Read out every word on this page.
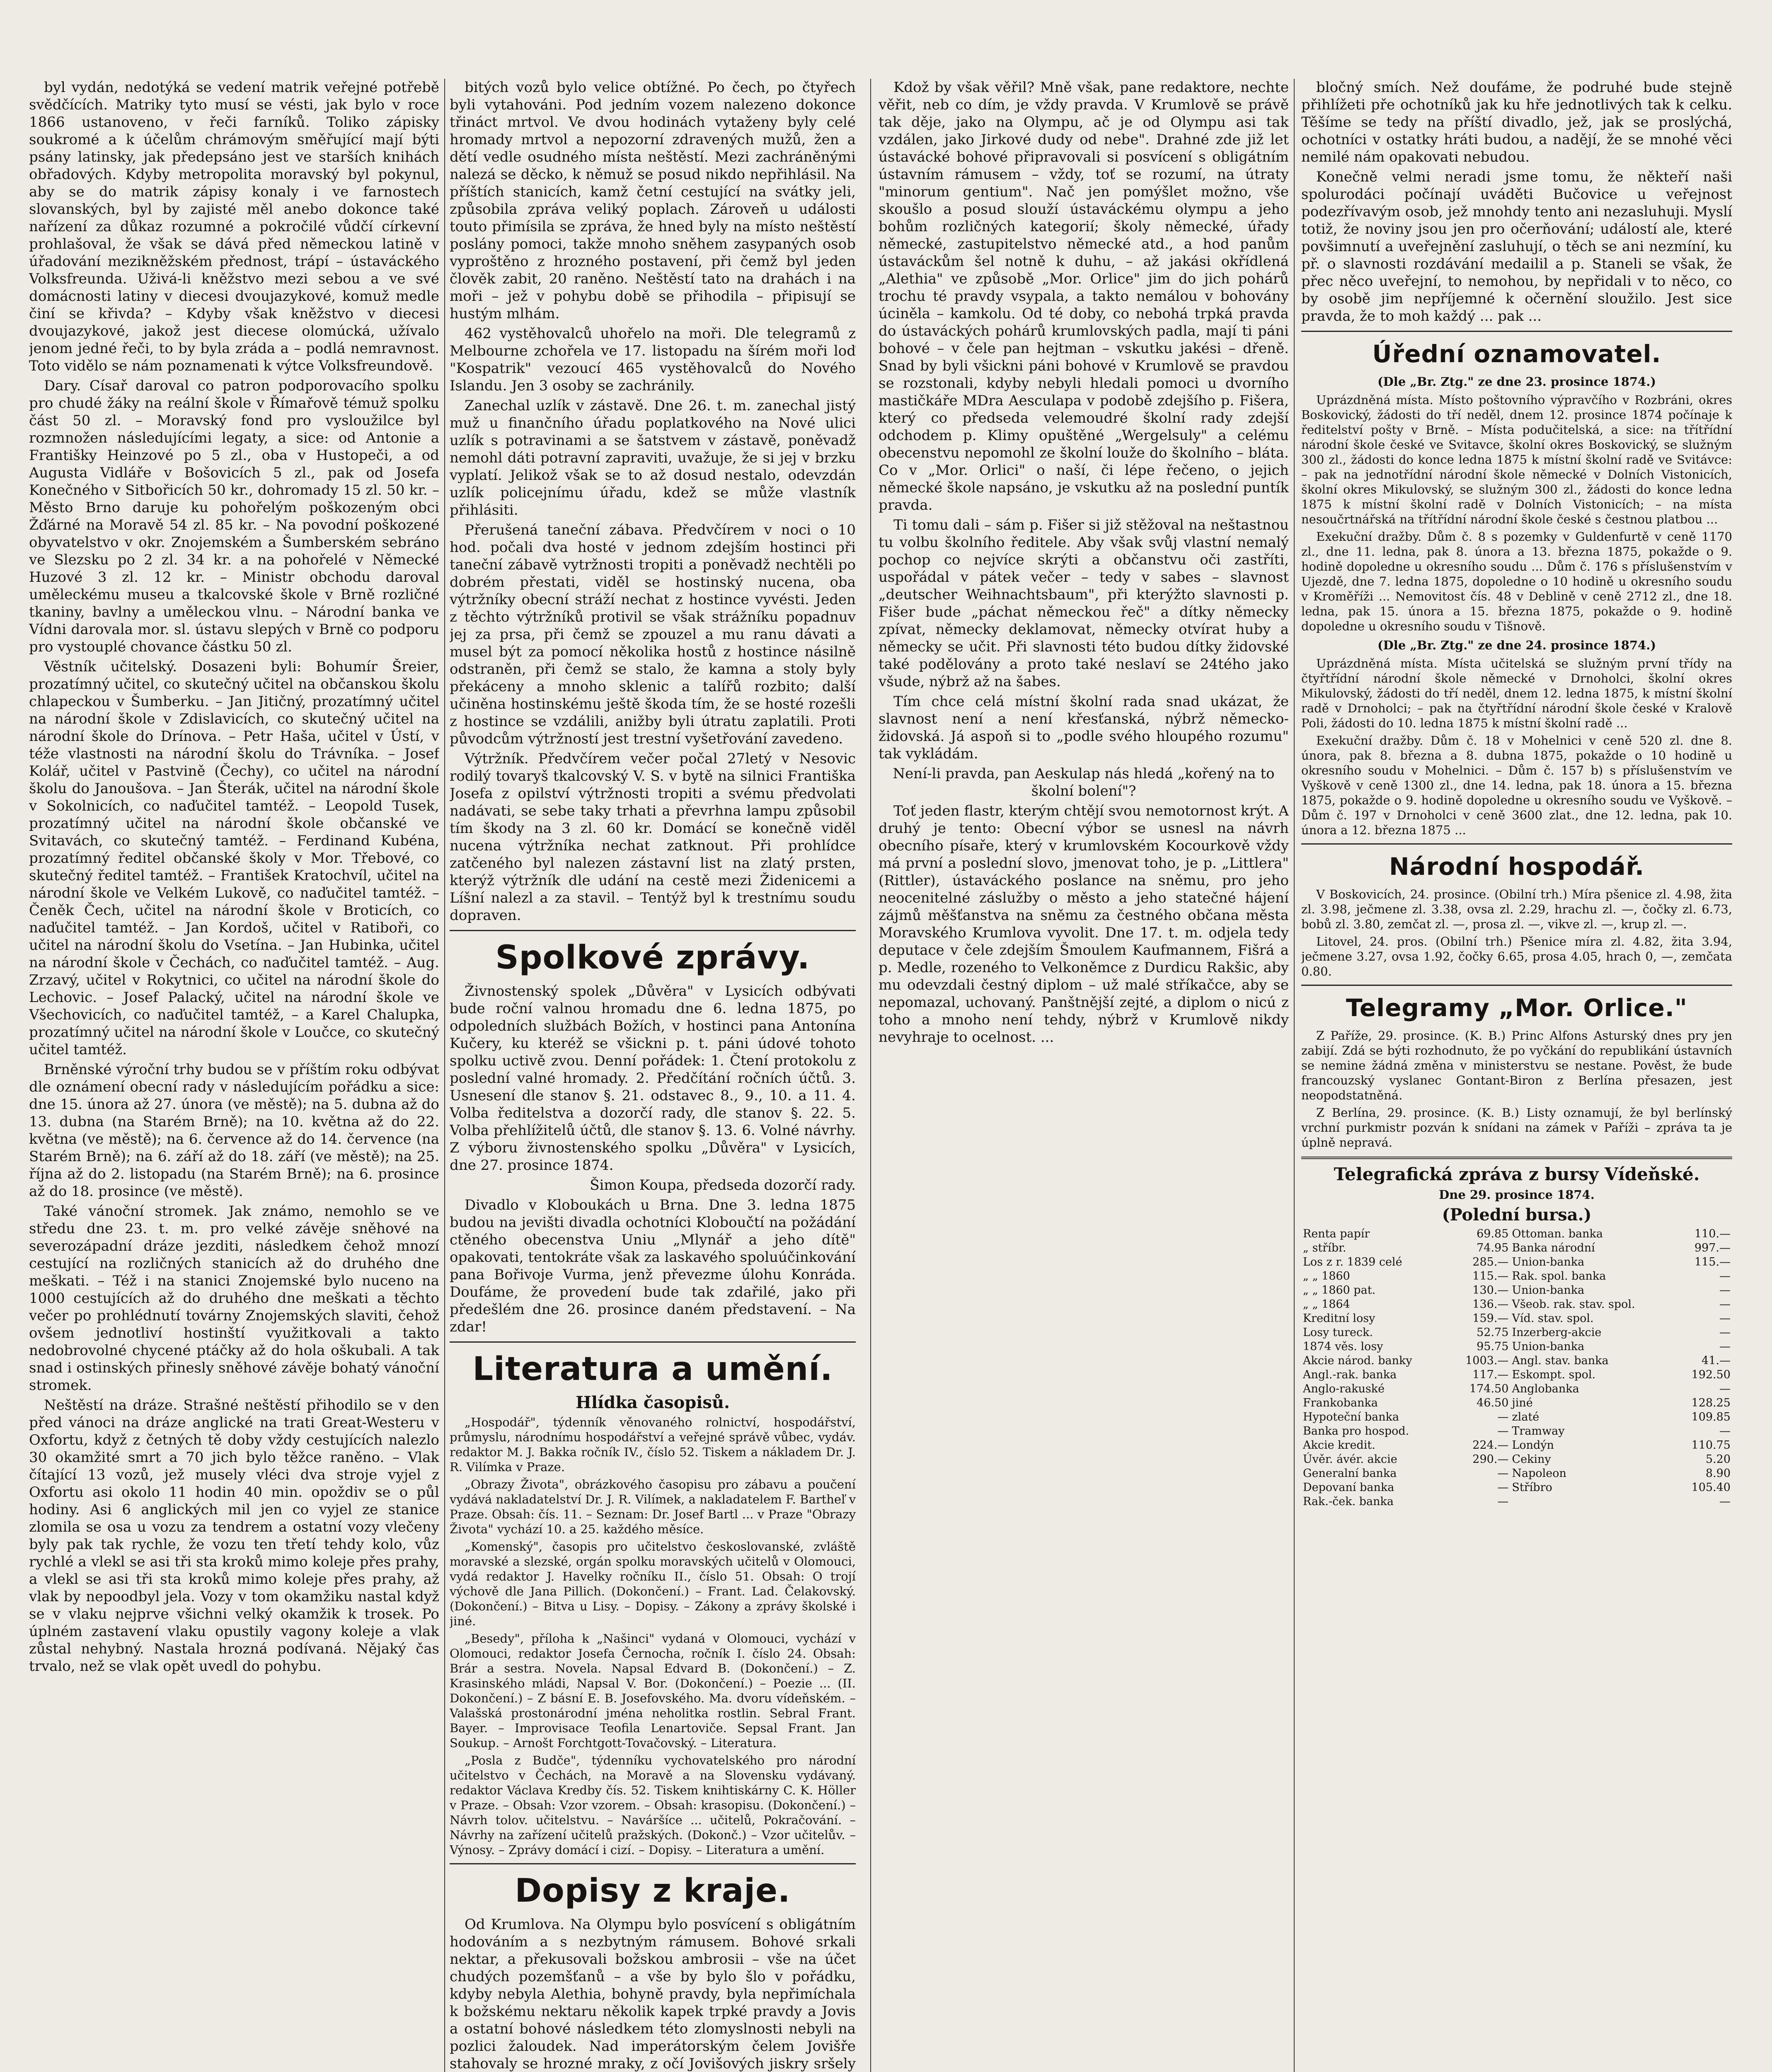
byl vydán, nedotýká se vedení matrik veřejné potřebě svědčících. Matriky tyto musí se vésti, jak bylo v roce 1866 ustanoveno, v řeči farníků. Toliko zápisky soukromé a k účelům chrámovým směřující mají býti psány latinsky, jak předepsáno jest ve starších knihách obřadových. Kdyby metropolita moravský byl pokynul, aby se do matrik zápisy konaly i ve farnostech slovanských, byl by zajisté měl anebo dokonce také nařízení za důkaz rozumné a pokročilé vůdčí církevní prohlašoval, že však se dává před německou latině v úřadování mezikněžském přednost, trápí – ústaváckého Volksfreunda. Uživá-li kněžstvo mezi sebou a ve své domácnosti latiny v diecesi dvoujazykové, komuž medle činí se křivda? – Kdyby však kněžstvo v diecesi dvoujazykové, jakož jest diecese olomúcká, užívalo jenom jedné řeči, to by byla zráda a – podlá nemravnost. Toto vidělo se nám poznamenati k výtce Volksfreundově.

Dary. Císař daroval co patron podporovacího spolku pro chudé žáky na reální škole v Římařově témuž spolku část 50 zl. – Moravský fond pro vysloužilce byl rozmnožen následujícími legaty, a sice: od Antonie a Františky Heinzové po 5 zl., oba v Hustopeči, a od Augusta Vidláře v Bošovicích 5 zl., pak od Josefa Konečného v Sitbořicích 50 kr., dohromady 15 zl. 50 kr. – Město Brno daruje ku pohořelým poškozeným obci Žďárné na Moravě 54 zl. 85 kr. – Na povodní poškozené obyvatelstvo v okr. Znojemském a Šumberském sebráno ve Slezsku po 2 zl. 34 kr. a na pohořelé v Německé Huzové 3 zl. 12 kr. – Ministr obchodu daroval uměleckému museu a tkalcovské škole v Brně rozličné tkaniny, bavlny a uměleckou vlnu. – Národní banka ve Vídni darovala mor. sl. ústavu slepých v Brně co podporu pro vystouplé chovance částku 50 zl.

Věstník učitelský. Dosazeni byli: Bohumír Šreier, prozatímný učitel, co skutečný učitel na občanskou školu chlapeckou v Šumberku. – Jan Jitičný, prozatímný učitel na národní škole v Zdislavicích, co skutečný učitel na národní škole do Drínova. – Petr Haša, učitel v Ústí, v téže vlastnosti na národní školu do Trávníka. – Josef Kolář, učitel v Pastvině (Čechy), co učitel na národní školu do Janoušova. – Jan Šterák, učitel na národní škole v Sokolnicích, co naďučitel tamtéž. – Leopold Tusek, prozatímný učitel na národní škole občanské ve Svitavách, co skutečný tamtéž. – Ferdinand Kubéna, prozatímný ředitel občanské školy v Mor. Třebové, co skutečný ředitel tamtéž. – František Kratochvíl, učitel na národní škole ve Velkém Lukově, co naďučitel tamtéž. – Čeněk Čech, učitel na národní škole v Broticích, co naďučitel tamtéž. – Jan Kordoš, učitel v Ratiboři, co učitel na národní školu do Vsetína. – Jan Hubinka, učitel na národní škole v Čechách, co naďučitel tamtéž. – Aug. Zrzavý, učitel v Rokytnici, co učitel na národní škole do Lechovic. – Josef Palacký, učitel na národní škole ve Všechovicích, co naďučitel tamtéž, – a Karel Chalupka, prozatímný učitel na národní škole v Loučce, co skutečný učitel tamtéž.

Brněnské výroční trhy budou se v příštím roku odbývat dle oznámení obecní rady v následujícím pořádku a sice: dne 15. února až 27. února (ve městě); na 5. dubna až do 13. dubna (na Starém Brně); na 10. května až do 22. května (ve městě); na 6. července až do 14. července (na Starém Brně); na 6. září až do 18. září (ve městě); na 25. října až do 2. listopadu (na Starém Brně); na 6. prosince až do 18. prosince (ve městě).

Také vánoční stromek. Jak známo, nemohlo se ve středu dne 23. t. m. pro velké závěje sněhové na severozápadní dráze jezditi, následkem čehož mnozí cestující na rozličných stanicích až do druhého dne meškati. – Též i na stanici Znojemské bylo nuceno na 1000 cestujících až do druhého dne meškati a těchto večer po prohlédnutí továrny Znojemských slaviti, čehož ovšem jednotliví hostinští využitkovali a takto nedobrovolné chycené ptáčky až do hola oškubali. A tak snad i ostinských přinesly sněhové závěje bohatý vánoční stromek.

Neštěstí na dráze. Strašné neštěstí přihodilo se v den před vánoci na dráze anglické na trati Great-Westeru v Oxfortu, když z četných tě doby vždy cestujících nalezlo 30 okamžité smrt a 70 jich bylo těžce raněno. – Vlak čítající 13 vozů, jež musely vléci dva stroje vyjel z Oxfortu asi okolo 11 hodin 40 min. opoždiv se o půl hodiny. Asi 6 anglických mil jen co vyjel ze stanice zlomila se osa u vozu za tendrem a ostatní vozy vlečeny byly pak tak rychle, že vozu ten třetí tehdy kolo, vůz rychlé a vlekl se asi tři sta kroků mimo koleje přes prahy, a vlekl se asi tři sta kroků mimo koleje přes prahy, až vlak by nepoodbyl jela. Vozy v tom okamžiku nastal když se v vlaku nejprve všichni velký okamžik k trosek. Po úplném zastavení vlaku opustily vagony koleje a vlak zůstal nehybný. Nastala hrozná podívaná. Nějaký čas trvalo, než se vlak opět uvedl do pohybu.

bitých vozů bylo velice obtížné. Po čech, po čtyřech byli vytahováni. Pod jedním vozem nalezeno dokonce třináct mrtvol. Ve dvou hodinách vytaženy byly celé hromady mrtvol a nepozorní zdravených mužů, žen a dětí vedle osudného místa neštěstí. Mezi zachráněnými nalezá se děcko, k němuž se posud nikdo nepřihlásil. Na příštích stanicích, kamž četní cestující na svátky jeli, způsobila zpráva veliký poplach. Zároveň u události touto přimísila se zpráva, že hned byly na místo neštěstí poslány pomoci, takže mnoho sněhem zasypaných osob vyproštěno z hrozného postavení, při čemž byl jeden člověk zabit, 20 raněno. Neštěstí tato na drahách i na moři – jež v pohybu době se přihodila – připisují se hustým mlhám.

462 vystěhovalců uhořelo na moři. Dle telegramů z Melbourne zchořela ve 17. listopadu na šírém moři loď "Kospatrik" vezoucí 465 vystěhovalců do Nového Islandu. Jen 3 osoby se zachránily.

Zanechal uzlík v zástavě. Dne 26. t. m. zanechal jistý muž u finančního úřadu poplatkového na Nové ulici uzlík s potravinami a se šatstvem v zástavě, poněvadž nemohl dáti potravní zapraviti, uvažuje, že si jej v brzku vyplatí. Jelikož však se to až dosud nestalo, odevzdán uzlík policejnímu úřadu, kdež se může vlastník přihlásiti.

Přerušená taneční zábava. Předvčírem v noci o 10 hod. počali dva hosté v jednom zdejším hostinci při taneční zábavě vytržnosti tropiti a poněvadž nechtěli po dobrém přestati, viděl se hostinský nucena, oba výtržníky obecní stráží nechat z hostince vyvésti. Jeden z těchto výtržníků protivil se však strážníku popadnuv jej za prsa, při čemž se zpouzel a mu ranu dávati a musel být za pomocí několika hostů z hostince násilně odstraněn, při čemž se stalo, že kamna a stoly byly překáceny a mnoho sklenic a talířů rozbito; další učiněna hostinskému ještě škoda tím, že se hosté rozešli z hostince se vzdálili, anižby byli útratu zaplatili. Proti původcům výtržností jest trestní vyšetřování zavedeno.

Výtržník. Předvčírem večer počal 27letý v Nesovic rodilý tovaryš tkalcovský V. S. v bytě na silnici Františka Josefa z opilství výtržnosti tropiti a svému předvolati nadávati, se sebe taky trhati a převrhna lampu způsobil tím škody na 3 zl. 60 kr. Domácí se konečně viděl nucena výtržníka nechat zatknout. Při prohlídce zatčeného byl nalezen zástavní list na zlatý prsten, kterýž výtržník dle udání na cestě mezi Židenicemi a Líšní nalezl a za stavil. – Tentýž byl k trestnímu soudu dopraven.

Spolkové zprávy.

Živnostenský spolek „Důvěra" v Lysicích odbývati bude roční valnou hromadu dne 6. ledna 1875, po odpoledních službách Božích, v hostinci pana Antonína Kučery, ku kteréž se všickni p. t. páni údové tohoto spolku uctivě zvou. Denní pořádek: 1. Čtení protokolu z poslední valné hromady. 2. Předčítání ročních účtů. 3. Usnesení dle stanov §. 21. odstavec 8., 9., 10. a 11. 4. Volba ředitelstva a dozorčí rady, dle stanov §. 22. 5. Volba přehlížitelů účtů, dle stanov §. 13. 6. Volné návrhy. Z výboru živnostenského spolku „Důvěra" v Lysicích, dne 27. prosince 1874.

Šimon Koupa, předseda dozorčí rady.

Divadlo v Kloboukách u Brna. Dne 3. ledna 1875 budou na jevišti divadla ochotníci Kloboučtí na požádání ctěného obecenstva Uniu „Mlynář a jeho dítě" opakovati, tentokráte však za laskavého spoluúčinkování pana Bořivoje Vurma, jenž převezme úlohu Konráda. Doufáme, že provedení bude tak zdařilé, jako při předešlém dne 26. prosince daném představení. – Na zdar!

Literatura a umění.
Hlídka časopisů.

„Hospodář", týdenník věnovaného rolnictví, hospodářství, průmyslu, národnímu hospodářství a veřejné správě vůbec, vydáv. redaktor M. J. Bakka ročník IV., číslo 52. Tiskem a nákladem Dr. J. R. Vilímka v Praze.

„Obrazy Života", obrázkového časopisu pro zábavu a poučení vydává nakladatelství Dr. J. R. Vilímek, a nakladatelem F. Bartheľ v Praze. Obsah: čís. 11. – Seznam: Dr. Josef Bartl ... v Praze "Obrazy Života" vychází 10. a 25. každého měsíce.

„Komenský", časopis pro učitelstvo českoslovanské, zvláště moravské a slezské, orgán spolku moravských učitelů v Olomouci, vydá redaktor J. Havelky ročníku II., číslo 51. Obsah: O trojí výchově dle Jana Pillich. (Dokončení.) – Frant. Lad. Čelakovský. (Dokončení.) – Bitva u Lisy. – Dopisy. – Zákony a zprávy školské i jiné.

„Besedy", příloha k „Našinci" vydaná v Olomouci, vychází v Olomouci, redaktor Josefa Černocha, ročník I. číslo 24. Obsah: Brár a sestra. Novela. Napsal Edvard B. (Dokončení.) – Z. Krasinského mládi, Napsal V. Bor. (Dokončení.) – Poezie ... (II. Dokončení.) – Z básní E. B. Josefovského. Ma. dvoru vídeňském. – Valašská prostonárodní jména neholitka rostlin. Sebral Frant. Bayer. – Improvisace Teofila Lenartoviče. Sepsal Frant. Jan Soukup. – Arnošt Forchtgott-Tovačovský. – Literatura.

„Posla z Budče", týdenníku vychovatelského pro národní učitelstvo v Čechách, na Moravě a na Slovensku vydávaný. redaktor Václava Kredby čís. 52. Tiskem knihtiskárny C. K. Höller v Praze. – Obsah: Vzor vzorem. – Obsah: krasopisu. (Dokončení.) – Návrh tolov. učitelstvu. – Naváršíce ... učitelů, Pokračování. – Návrhy na zařízení učitelů pražských. (Dokonč.) – Vzor učitelův. – Výnosy. – Zprávy domácí i cizí. – Dopisy. – Literatura a umění.

Dopisy z kraje.

Od Krumlova. Na Olympu bylo posvícení s obligátním hodováním a s nezbytným rámusem. Bohové srkali nektar, a překusovali božskou ambrosii – vše na účet chudých pozemšťanů – a vše by bylo šlo v pořádku, kdyby nebyla Alethia, bohyně pravdy, byla nepřimíchala k božskému nektaru několik kapek trpké pravdy a Jovis a ostatní bohové následkem této zlomyslnosti nebyli na pozlici žaloudek. Nad imperátorským čelem Jovišře stahovaly se hrozné mraky, z očí Jovišových jiskry sršely

Kdož by však věřil? Mně však, pane redaktore, nechte věřit, neb co dím, je vždy pravda. V Krumlově se právě tak děje, jako na Olympu, ač je od Olympu asi tak vzdálen, jako Jirkové dudy od nebe". Drahné zde již let ústavácké bohové připravovali si posvícení s obligátním ústavním rámusem – vždy, toť se rozumí, na útraty "minorum gentium". Nač jen pomýšlet možno, vše skoušlo a posud slouží ústaváckému olympu a jeho bohům rozličných kategorií; školy německé, úřady německé, zastupitelstvo německé atd., a hod panům ústaváckům šel notně k duhu, – až jakási okřídlená „Alethia" ve způsobě „Mor. Orlice" jim do jich pohárů trochu té pravdy vsypala, a takto nemálou v bohovány úciněla – kamkolu. Od té doby, co nebohá trpká pravda do ústaváckých pohárů krumlovských padla, mají ti páni bohové – v čele pan hejtman – vskutku jakési – dřeně. Snad by byli všickni páni bohové v Krumlově se pravdou se rozstonali, kdyby nebyli hledali pomoci u dvorního mastičkáře MDra Aesculapa v podobě zdejšího p. Fišera, který co předseda velemoudré školní rady zdejší odchodem p. Klimy opuštěné „Wergelsuly" a celému obecenstvu nepomohl ze školní louže do školního – bláta. Co v „Mor. Orlici" o naší, či lépe řečeno, o jejich německé škole napsáno, je vskutku až na poslední puntík pravda.

Ti tomu dali – sám p. Fišer si již stěžoval na neštastnou tu volbu školního ředitele. Aby však svůj vlastní nemalý pochop co nejvíce skrýti a občanstvu oči zastříti, uspořádal v pátek večer – tedy v sabes – slavnost „deutscher Weihnachtsbaum", při kterýžto slavnosti p. Fišer bude „páchat německou řeč" a dítky německy zpívat, německy deklamovat, německy otvírat huby a německy se učit. Při slavnosti této budou dítky židovské také podělovány a proto také neslaví se 24tého jako všude, nýbrž až na šabes.

Tím chce celá místní školní rada snad ukázat, že slavnost není a není křesťanská, nýbrž německo-židovská. Já aspoň si to „podle svého hloupého rozumu" tak vykládám.

Není-li pravda, pan Aeskulap nás hledá „kořený na to školní bolení"?

Toť jeden flastr, kterým chtějí svou nemotornost krýt. A druhý je tento: Obecní výbor se usnesl na návrh obecního písaře, který v krumlovském Kocourkově vždy má první a poslední slovo, jmenovat toho, je p. „Littlera" (Rittler), ústaváckého poslance na sněmu, pro jeho neocenitelné záslužby o město a jeho statečné hájení zájmů měšťanstva na sněmu za čestného občana města Moravského Krumlova vyvolit. Dne 17. t. m. odjela tedy deputace v čele zdejším Šmoulem Kaufmannem, Fišrá a p. Medle, rozeného to Velkoněmce z Durdicu Rakšic, aby mu odevzdali čestný diplom – už malé stříkačce, aby se nepomazal, uchovaný. Panštnější zejté, a diplom o nicú z toho a mnoho není tehdy, nýbrž v Krumlově nikdy nevyhraje to ocelnost. ...

bločný smích. Než doufáme, že podruhé bude stejně přihlížeti pře ochotníků jak ku hře jednotlivých tak k celku. Těšíme se tedy na příští divadlo, jež, jak se proslýchá, ochotníci v ostatky hráti budou, a nadějí, že se mnohé věci nemilé nám opakovati nebudou.

Konečně velmi neradi jsme tomu, že někteří naši spolurodáci počínají uváděti Bučovice u veřejnost podezřívavým osob, jež mnohdy tento ani nezasluhuji. Myslí totiž, že noviny jsou jen pro očerňování; událostí ale, které povšimnutí a uveřejnění zasluhují, o těch se ani nezmíní, ku př. o slavnosti rozdávání medailil a p. Staneli se však, že přec něco uveřejní, to nemohou, by nepřidali v to něco, co by osobě jim nepříjemné k očernění sloužilo. Jest sice pravda, že to moh každý ... pak ...

Úřední oznamovatel.
(Dle „Br. Ztg." ze dne 23. prosince 1874.)

Uprázdněná místa. Místo poštovního výpravčího v Rozbráni, okres Boskovický, žádosti do tří neděl, dnem 12. prosince 1874 počínaje k ředitelství pošty v Brně. – Místa podučitelská, a sice: na třítřídní národní škole české ve Svitavce, školní okres Boskovický, se služným 300 zl., žádosti do konce ledna 1875 k místní školní radě ve Svitávce: – pak na jednotřídní národní škole německé v Dolních Vistonicích, školní okres Mikulovský, se služným 300 zl., žádosti do konce ledna 1875 k místní školní radě v Dolních Vistonicích; – na místa nesoučrtnářská na třítřídní národní škole české s čestnou platbou ...

Exekuční dražby. Dům č. 8 s pozemky v Guldenfurtě v ceně 1170 zl., dne 11. ledna, pak 8. února a 13. března 1875, pokažde o 9. hodině dopoledne u okresního soudu ... Dům č. 176 s příslušenstvím v Ujezdě, dne 7. ledna 1875, dopoledne o 10 hodině u okresního soudu v Kroměříži ... Nemovitost čís. 48 v Deblině v ceně 2712 zl., dne 18. ledna, pak 15. února a 15. března 1875, pokažde o 9. hodině dopoledne u okresního soudu v Tišnově.

(Dle „Br. Ztg." ze dne 24. prosince 1874.)

Uprázdněná místa. Místa učitelská se služným první třídy na čtyřtřídní národní škole německé v Drnoholci, školní okres Mikulovský, žádosti do tří neděl, dnem 12. ledna 1875, k místní školní radě v Drnoholci; – pak na čtyřtřídní národní škole české v Kralově Poli, žádosti do 10. ledna 1875 k místní školní radě ...

Exekuční dražby. Dům č. 18 v Mohelnici v ceně 520 zl. dne 8. února, pak 8. března a 8. dubna 1875, pokažde o 10 hodině u okresního soudu v Mohelnici. – Dům č. 157 b) s příslušenstvím ve Vyškově v ceně 1300 zl., dne 14. ledna, pak 18. února a 15. března 1875, pokažde o 9. hodině dopoledne u okresního soudu ve Vyškově. – Dům č. 197 v Drnoholci v ceně 3600 zlat., dne 12. ledna, pak 10. února a 12. března 1875 ...

Národní hospodář.

V Boskovicích, 24. prosince. (Obilní trh.) Míra pšenice zl. 4.98, žita zl. 3.98, ječmene zl. 3.38, ovsa zl. 2.29, hrachu zl. —, čočky zl. 6.73, bobů zl. 3.80, zemčat zl. —, prosa zl. —, vikve zl. —, krup zl. —.

Litovel, 24. pros. (Obilní trh.) Pšenice míra zl. 4.82, žita 3.94, ječmene 3.27, ovsa 1.92, čočky 6.65, prosa 4.05, hrach 0, —, zemčata 0.80.

Telegramy „Mor. Orlice."

Z Paříže, 29. prosince. (K. B.) Princ Alfons Asturský dnes pry jen zabijí. Zdá se býti rozhodnuto, že po vyčkání do republikání ústavních se nemine žádná změna v ministerstvu se nestane. Pověst, že bude francouzský vyslanec Gontant-Biron z Berlína přesazen, jest neopodstatněná.

Z Berlína, 29. prosince. (K. B.) Listy oznamují, že byl berlínský vrchní purkmistr pozván k snídani na zámek v Paříži – zpráva ta je úplně nepravá.

Telegrafická zpráva z bursy Vídeňské.
Dne 29. prosince 1874.
(Polední bursa.)
Renta papír	69.85	Ottoman. banka	110.—
„ stříbr.	74.95	Banka národní	997.—
Los z r. 1839 celé	285.—	Union-banka	115.—
„ „ 1860	115.—	Rak. spol. banka	—
„ „ 1860 pat.	130.—	Union-banka	—
„ „ 1864	136.—	Všeob. rak. stav. spol.	—
Kreditní losy	159.—	Víd. stav. spol.	—
Losy tureck.	52.75	Inzerberg-akcie	—
1874 věs. losy	95.75	Union-banka	—
Akcie národ. banky	1003.—	Angl. stav. banka	41.—
Angl.-rak. banka	117.—	Eskompt. spol.	192.50
Anglo-rakuské	174.50	Anglobanka	—
Frankobanka	46.50	jiné	128.25
Hypoteční banka	—	zlaté	109.85
Banka pro hospod.	—	Tramway	—
Akcie kredit.	224.—	Londýn	110.75
Úvěr. ávér. akcie	290.—	Cekiny	5.20
Generalní banka	—	Napoleon	8.90
Depovaní banka	—	Stříbro	105.40
Rak.-ček. banka	—		—
